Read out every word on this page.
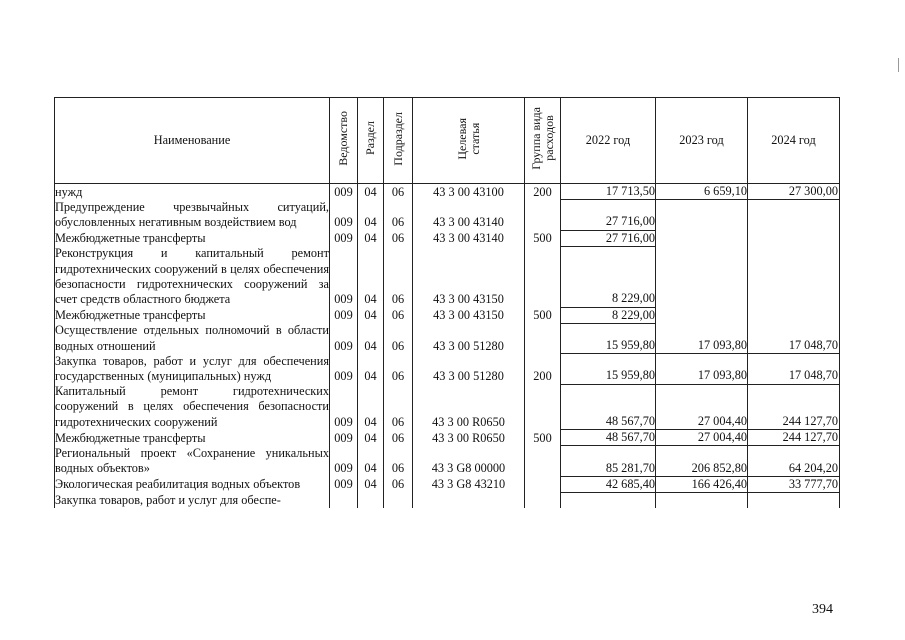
Наименование	Ведомство	Раздел	Подраздел	Целевая
статья	Группа вида
расходов	2022 год	2023 год	2024 год
нужд	009	04	06	43 3 00 43100	200	17 713,50	6 659,10	27 300,00
Предупреждение чрезвычайных ситуаций, обусловленных негативным воздействием вод	009	04	06	43 3 00 43140		27 716,00		
Межбюджетные трансферты	009	04	06	43 3 00 43140	500	27 716,00		
Реконструкция и капитальный ремонт гидротехнических сооружений в целях обеспечения безопасности гидротехнических сооружений за счет средств областного бюджета	009	04	06	43 3 00 43150		8 229,00		
Межбюджетные трансферты	009	04	06	43 3 00 43150	500	8 229,00		
Осуществление отдельных полномочий в области водных отношений	009	04	06	43 3 00 51280		15 959,80	17 093,80	17 048,70
Закупка товаров, работ и услуг для обеспечения государственных (муниципальных) нужд	009	04	06	43 3 00 51280	200	15 959,80	17 093,80	17 048,70
Капитальный ремонт гидротехнических сооружений в целях обеспечения безопасности гидротехнических сооружений	009	04	06	43 3 00 R0650		48 567,70	27 004,40	244 127,70
Межбюджетные трансферты	009	04	06	43 3 00 R0650	500	48 567,70	27 004,40	244 127,70
Региональный проект «Сохранение уникальных водных объектов»	009	04	06	43 3 G8 00000		85 281,70	206 852,80	64 204,20
Экологическая реабилитация водных объектов	009	04	06	43 3 G8 43210		42 685,40	166 426,40	33 777,70
Закупка товаров, работ и услуг для обеспе-								
394
